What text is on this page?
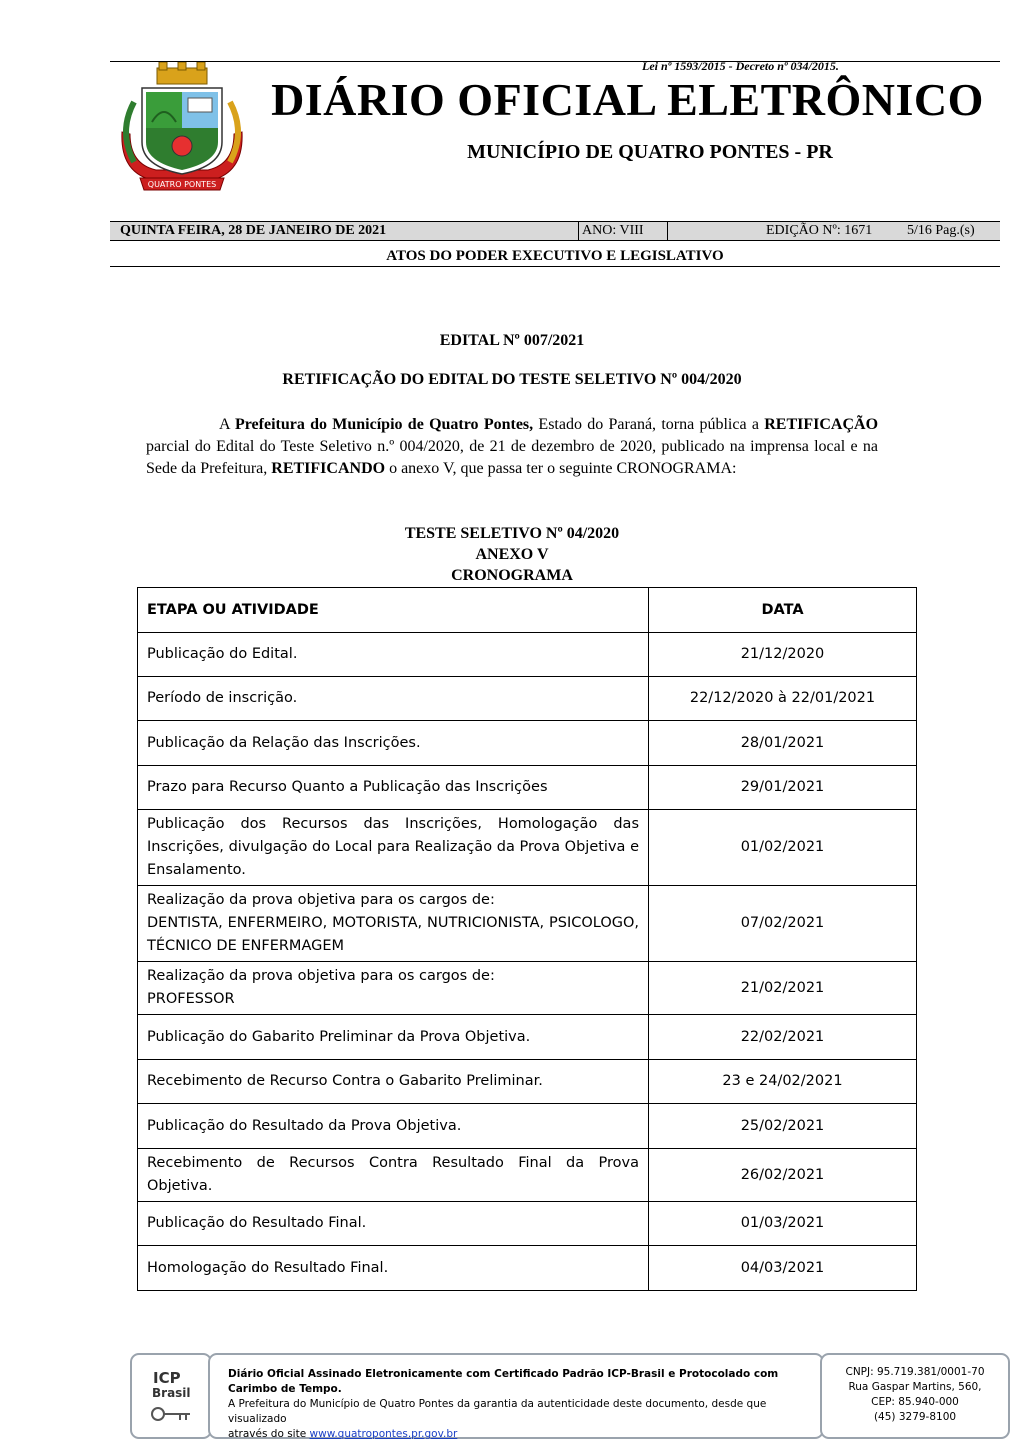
Lei nº 1593/2015 - Decreto nº 034/2015.
QUATRO PONTES
DIÁRIO OFICIAL ELETRÔNICO
MUNICÍPIO DE QUATRO PONTES - PR
QUINTA FEIRA, 28 DE JANEIRO DE 2021	ANO: VIII	EDIÇÃO Nº: 1671 5/16 Pag.(s)
ATOS DO PODER EXECUTIVO E LEGISLATIVO
EDITAL Nº 007/2021
RETIFICAÇÃO DO EDITAL DO TESTE SELETIVO Nº 004/2020

A Prefeitura do Município de Quatro Pontes, Estado do Paraná, torna pública a RETIFICAÇÃO parcial do Edital do Teste Seletivo n.º 004/2020, de 21 de dezembro de 2020, publicado na imprensa local e na Sede da Prefeitura, RETIFICANDO o anexo V, que passa ter o seguinte CRONOGRAMA:

TESTE SELETIVO Nº 04/2020
ANEXO V
CRONOGRAMA
ETAPA OU ATIVIDADE	DATA
Publicação do Edital.	21/12/2020
Período de inscrição.	22/12/2020 à 22/01/2021
Publicação da Relação das Inscrições.	28/01/2021
Prazo para Recurso Quanto a Publicação das Inscrições	29/01/2021
Publicação dos Recursos das Inscrições, Homologação das Inscrições, divulgação do Local para Realização da Prova Objetiva e Ensalamento.	01/02/2021

Realização da prova objetiva para os cargos de:
DENTISTA, ENFERMEIRO, MOTORISTA, NUTRICIONISTA, PSICOLOGO, TÉCNICO DE ENFERMAGEM	07/02/2021

Realização da prova objetiva para os cargos de:
PROFESSOR	21/02/2021
Publicação do Gabarito Preliminar da Prova Objetiva.	22/02/2021
Recebimento de Recurso Contra o Gabarito Preliminar.	23 e 24/02/2021
Publicação do Resultado da Prova Objetiva.	25/02/2021
Recebimento de Recursos Contra Resultado Final da Prova Objetiva.	26/02/2021
Publicação do Resultado Final.	01/03/2021
Homologação do Resultado Final.	04/03/2021
ICP
Brasil
Diário Oficial Assinado Eletronicamente com Certificado Padrão ICP-Brasil e Protocolado com Carimbo de Tempo.
A Prefeitura do Município de Quatro Pontes da garantia da autenticidade deste documento, desde que visualizado
através do site www.quatropontes.pr.gov.br
CNPJ: 95.719.381/0001-70
Rua Gaspar Martins, 560,
CEP: 85.940-000
(45) 3279-8100
